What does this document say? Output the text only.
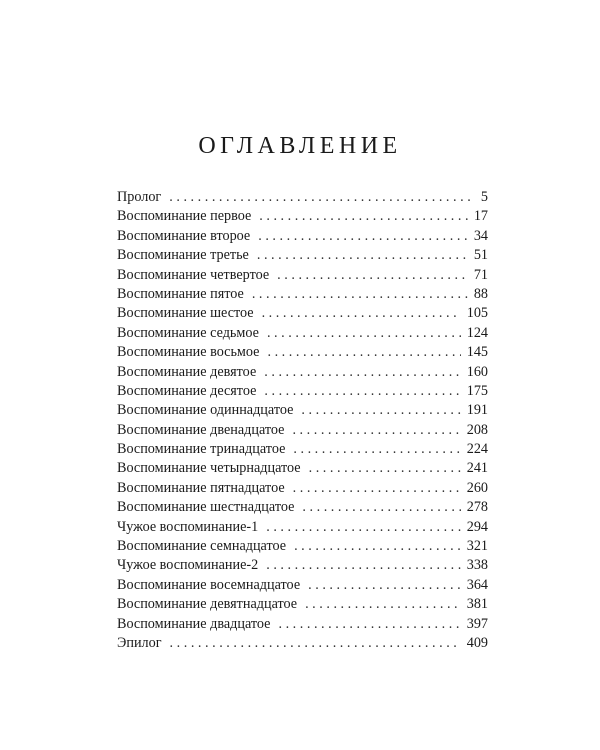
ОГЛАВЛЕНИЕ
Пролог . . .	5
Воспоминание первое . . .	17
Воспоминание второе . . .	34
Воспоминание третье . . .	51
Воспоминание четвертое . . .	71
Воспоминание пятое . . .	88
Воспоминание шестое . . .	105
Воспоминание седьмое . . .	124
Воспоминание восьмое . . .	145
Воспоминание девятое . . .	160
Воспоминание десятое . . .	175
Воспоминание одиннадцатое . . .	191
Воспоминание двенадцатое . . .	208
Воспоминание тринадцатое . . .	224
Воспоминание четырнадцатое . . .	241
Воспоминание пятнадцатое . . .	260
Воспоминание шестнадцатое . . .	278
Чужое воспоминание-1 . . .	294
Воспоминание семнадцатое . . .	321
Чужое воспоминание-2 . . .	338
Воспоминание восемнадцатое . . .	364
Воспоминание девятнадцатое . . .	381
Воспоминание двадцатое . . .	397
Эпилог . . .	409
